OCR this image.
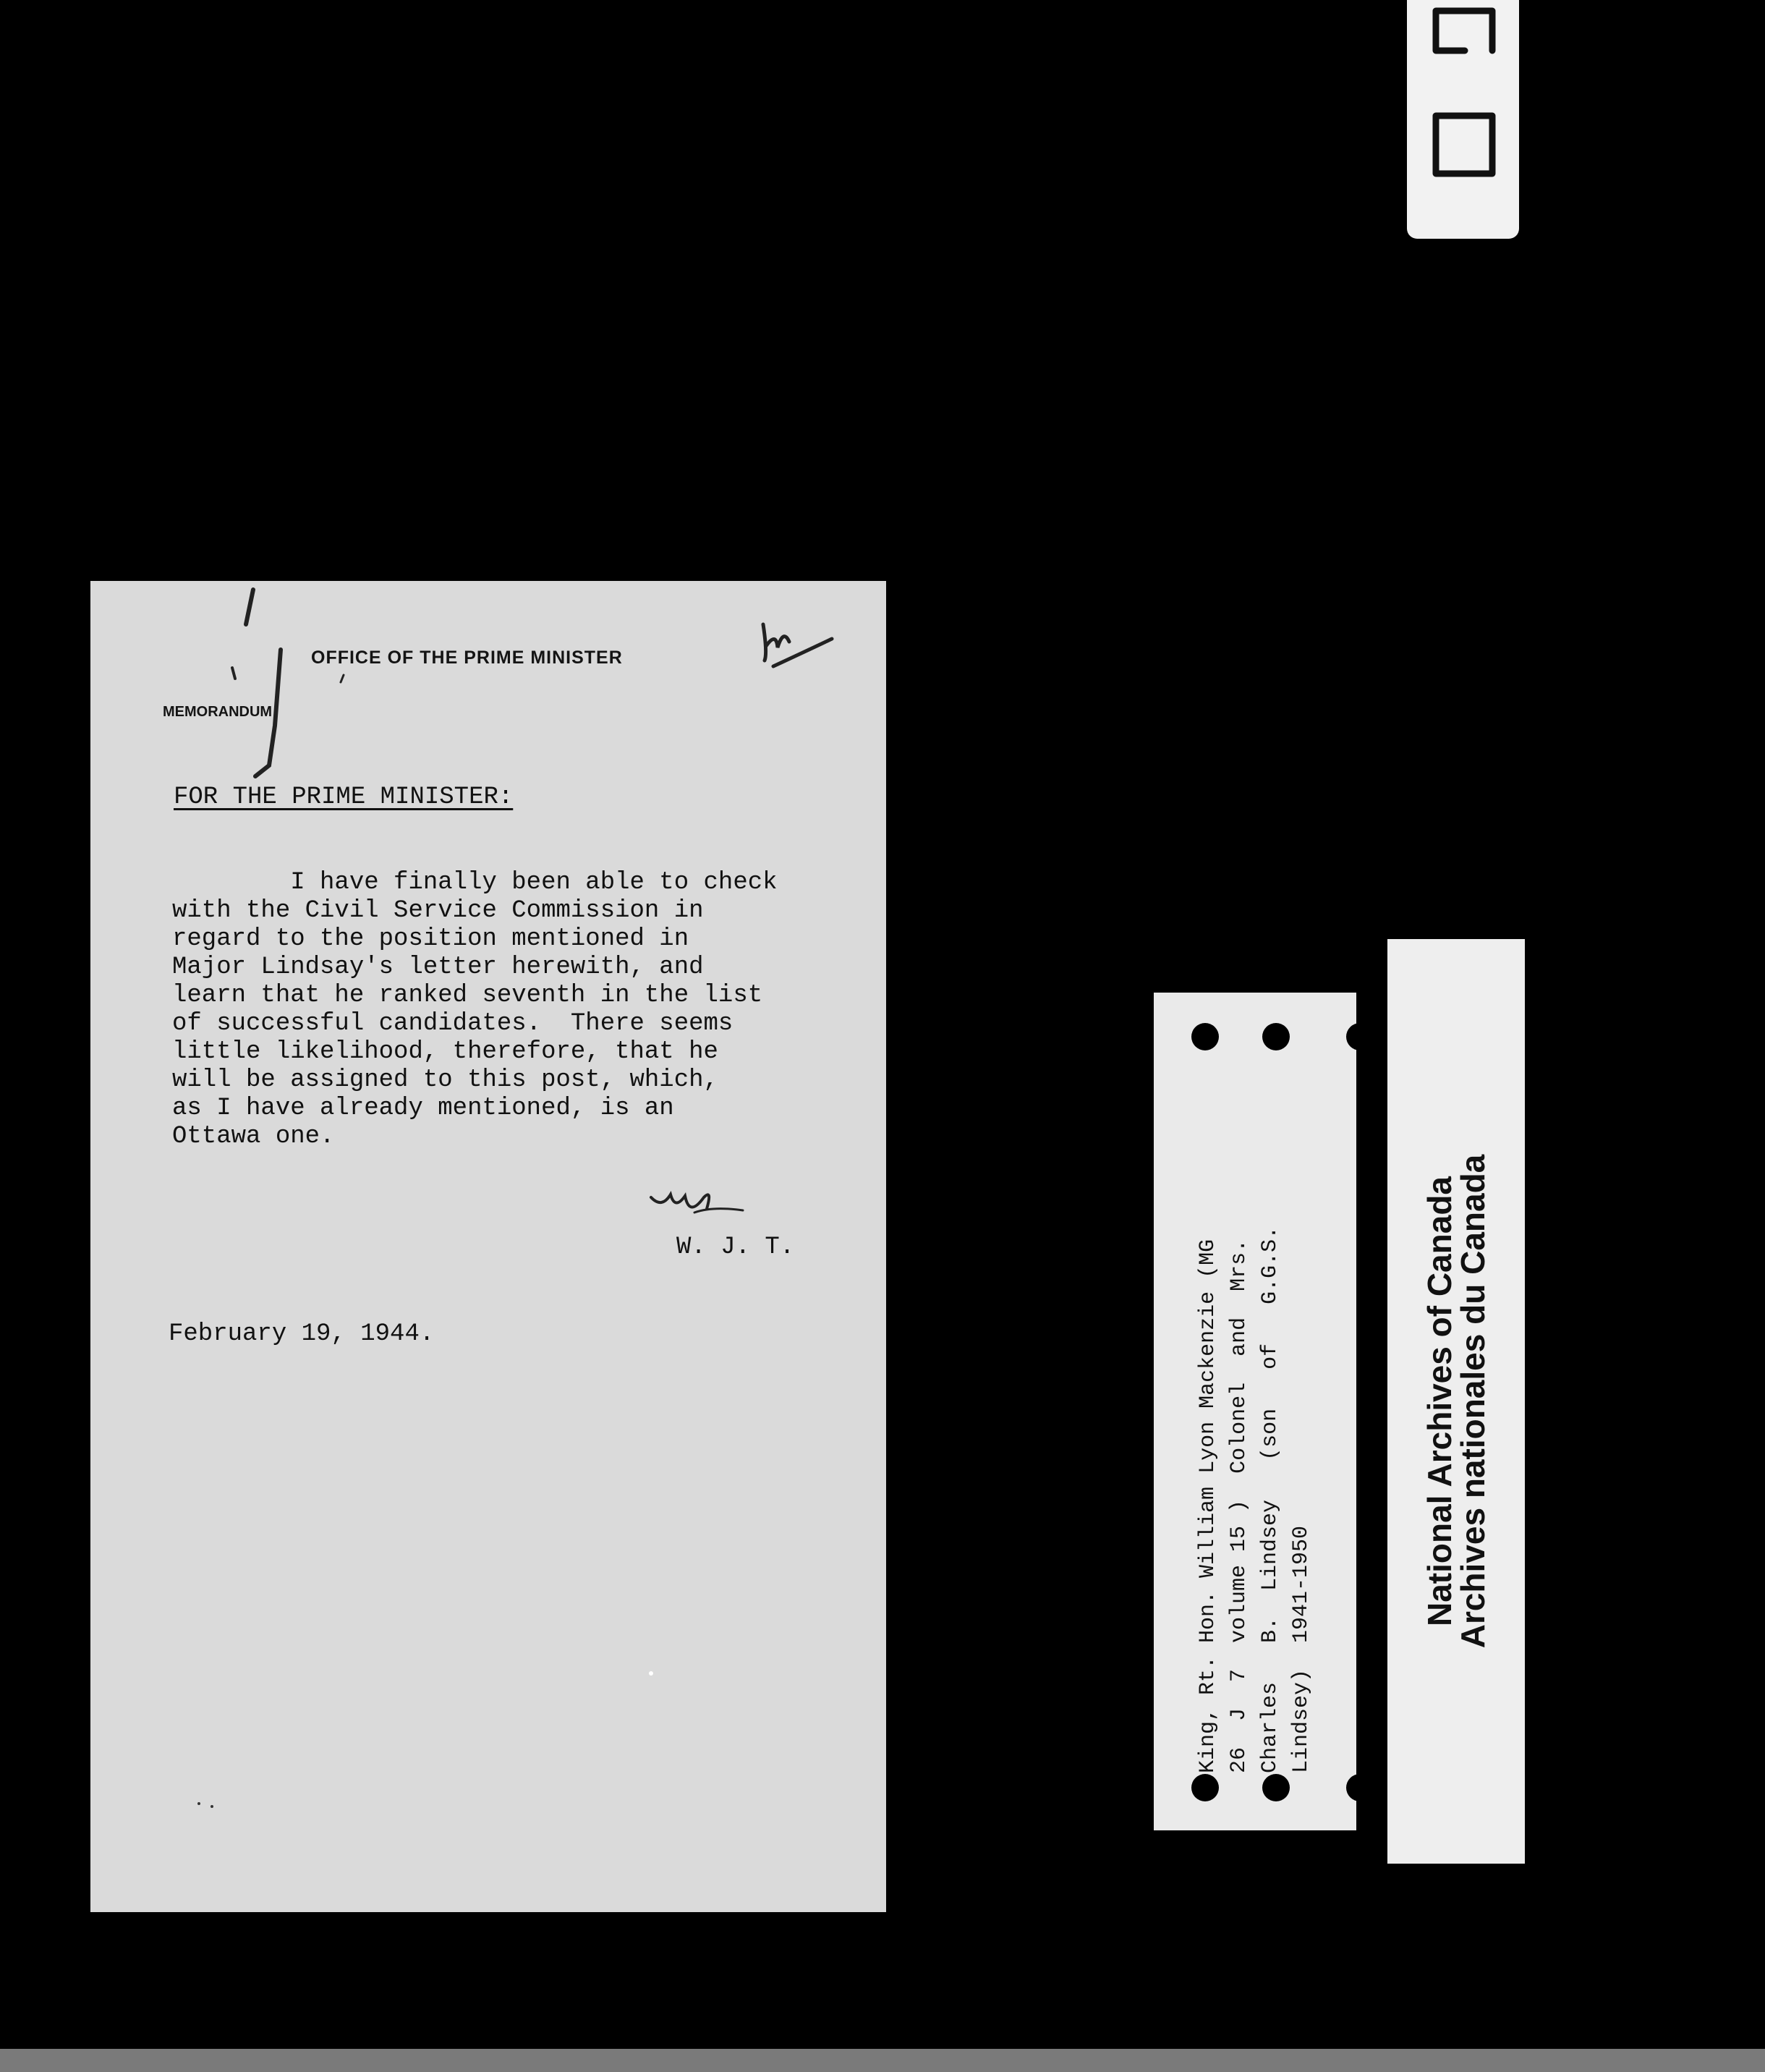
OFFICE OF THE PRIME MINISTER
MEMORANDUM
FOR THE PRIME MINISTER:
I have finally been able to check
with the Civil Service Commission in
regard to the position mentioned in
Major Lindsay's letter herewith, and
learn that he ranked seventh in the list
of successful candidates.  There seems
little likelihood, therefore, that he
will be assigned to this post, which,
as I have already mentioned, is an
Ottawa one.
W. J. T.
February 19, 1944.	King, Rt. Hon. William Lyon Mackenzie (MG 26  J  7  volume 15 )  Colonel  and  Mrs. Charles   B.  Lindsey   (son   of   G.G.S. Lindsey)  1941-1950
National Archives of Canada
Archives nationales du Canada
